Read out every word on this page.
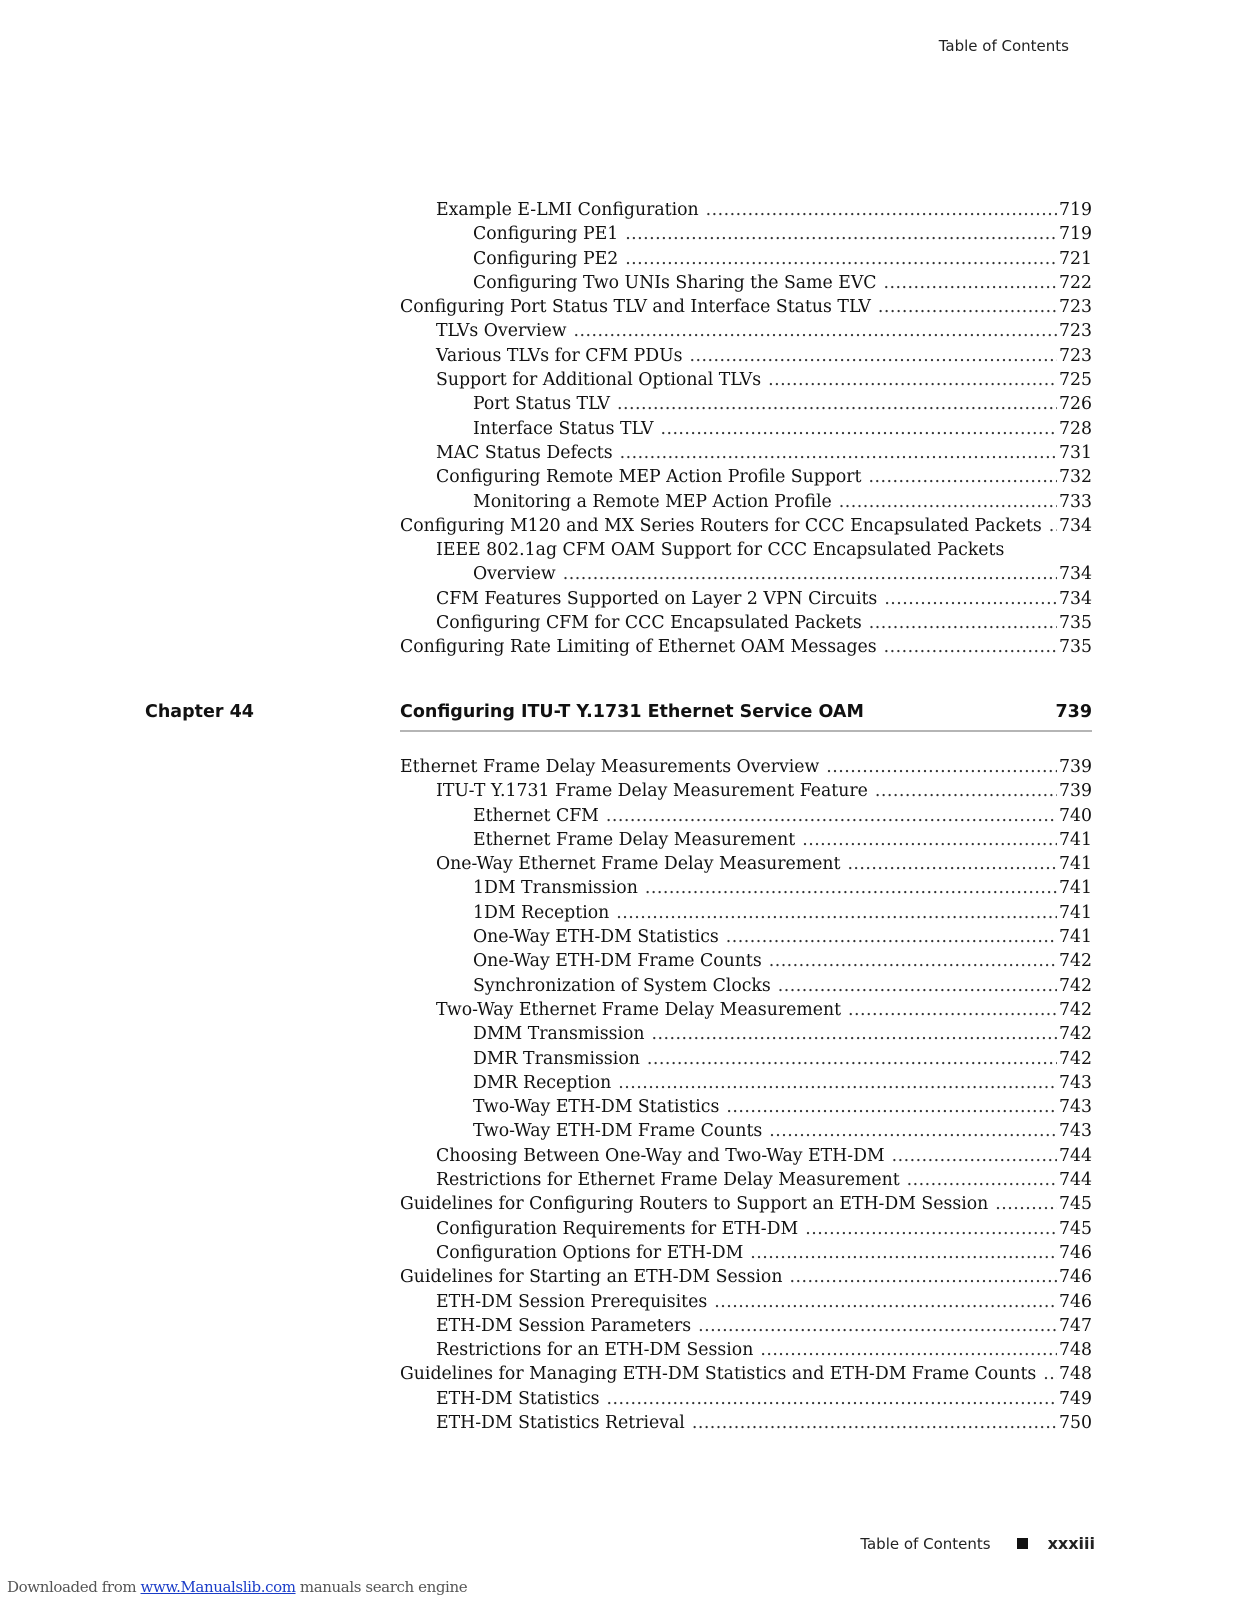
Table of Contents
Example E-LMI Configuration .....	719
Configuring PE1 .....	719
Configuring PE2 .....	721
Configuring Two UNIs Sharing the Same EVC .....	722
Configuring Port Status TLV and Interface Status TLV .....	723
TLVs Overview .....	723
Various TLVs for CFM PDUs .....	723
Support for Additional Optional TLVs .....	725
Port Status TLV .....	726
Interface Status TLV .....	728
MAC Status Defects .....	731
Configuring Remote MEP Action Profile Support .....	732
Monitoring a Remote MEP Action Profile .....	733
Configuring M120 and MX Series Routers for CCC Encapsulated Packets ..... 734
IEEE 802.1ag CFM OAM Support for CCC Encapsulated Packets
Overview .....	734
CFM Features Supported on Layer 2 VPN Circuits .....	734
Configuring CFM for CCC Encapsulated Packets .....	735
Configuring Rate Limiting of Ethernet OAM Messages .....	735
Chapter 44	Configuring ITU-T Y.1731 Ethernet Service OAM	739
Ethernet Frame Delay Measurements Overview .....	739
ITU-T Y.1731 Frame Delay Measurement Feature .....	739
Ethernet CFM .....	740
Ethernet Frame Delay Measurement .....	741
One-Way Ethernet Frame Delay Measurement .....	741
1DM Transmission .....	741
1DM Reception .....	741
One-Way ETH-DM Statistics .....	741
One-Way ETH-DM Frame Counts .....	742
Synchronization of System Clocks .....	742
Two-Way Ethernet Frame Delay Measurement .....	742
DMM Transmission .....	742
DMR Transmission .....	742
DMR Reception .....	743
Two-Way ETH-DM Statistics .....	743
Two-Way ETH-DM Frame Counts .....	743
Choosing Between One-Way and Two-Way ETH-DM .....	744
Restrictions for Ethernet Frame Delay Measurement .....	744
Guidelines for Configuring Routers to Support an ETH-DM Session .....	745
Configuration Requirements for ETH-DM .....	745
Configuration Options for ETH-DM .....	746
Guidelines for Starting an ETH-DM Session .....	746
ETH-DM Session Prerequisites .....	746
ETH-DM Session Parameters .....	747
Restrictions for an ETH-DM Session .....	748
Guidelines for Managing ETH-DM Statistics and ETH-DM Frame Counts ..... 748
ETH-DM Statistics .....	749
ETH-DM Statistics Retrieval .....	750
Table of Contents	xxxiii
Downloaded from www.Manualslib.com manuals search engine
